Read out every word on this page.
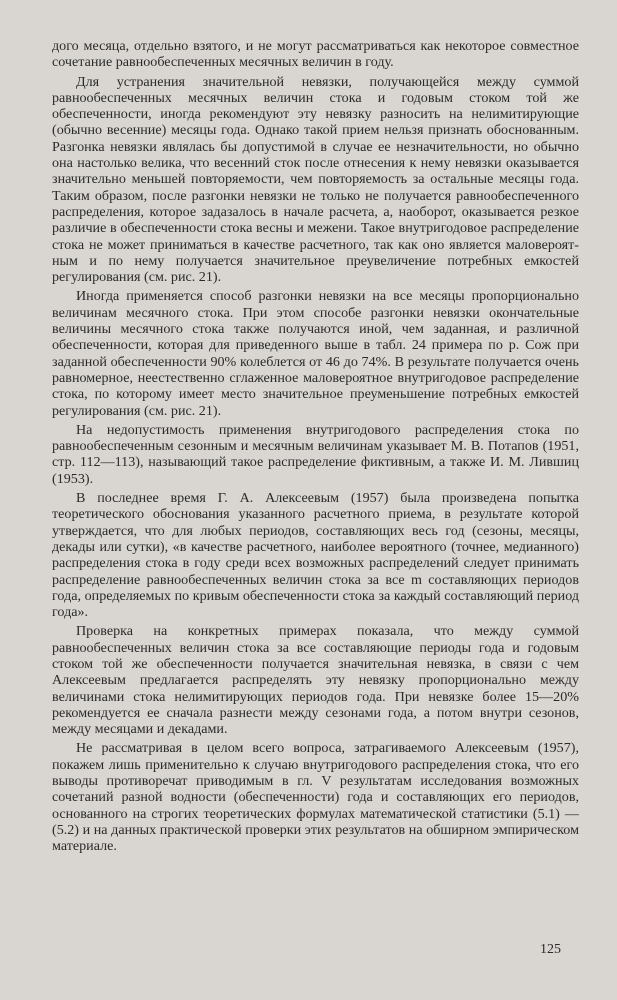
дого месяца, отдельно взятого, и не могут рассматриваться как некоторое совместное сочетание равнообеспеченных месячных величин в году.

Для устранения значительной невязки, получающейся между суммой равнообеспеченных месячных величин стока и годовым стоком той же обеспеченности, иногда рекомендуют эту невязку разносить на нелимитирующие (обычно весенние) месяцы года. Однако такой прием нельзя признать обоснованным. Разгонка невязки являлась бы допустимой в случае ее незначительности, но обычно она настолько велика, что весенний сток после отнесения к нему невязки оказывается значительно меньшей повторяемости, чем повторяемость за остальные месяцы года. Таким образом, после разгонки невязки не только не получается равнообеспеченного распределения, которое задазалось в начале расчета, а, наоборот, оказывается резкое различие в обеспеченности стока весны и межени. Такое внутригодовое распределение стока не может приниматься в качестве расчетного, так как оно является маловероятным и по нему получается значительное преувеличение потребных емкостей регулирования (см. рис. 21).

Иногда применяется способ разгонки невязки на все месяцы пропорционально величинам месячного стока. При этом способе разгонки невязки окончательные величины месячного стока также получаются иной, чем заданная, и различной обеспеченности, которая для приведенного выше в табл. 24 примера по р. Сож при заданной обеспеченности 90% колеблется от 46 до 74%. В результате получается очень равномерное, неестественно сглаженное маловероятное внутригодовое распределение стока, по которому имеет место значительное преуменьшение потребных емкостей регулирования (см. рис. 21).

На недопустимость применения внутригодового распределения стока по равнообеспеченным сезонным и месячным величинам указывает М. В. Потапов (1951, стр. 112—113), называющий такое распределение фиктивным, а также И. М. Лившиц (1953).

В последнее время Г. А. Алексеевым (1957) была произведена попытка теоретического обоснования указанного расчетного приема, в результате которой утверждается, что для любых периодов, составляющих весь год (сезоны, месяцы, декады или сутки), «в качестве расчетного, наиболее вероятного (точнее, медианного) распределения стока в году среди всех возможных распределений следует принимать распределение равнообеспеченных величин стока за все m составляющих периодов года, определяемых по кривым обеспеченности стока за каждый составляющий период года».

Проверка на конкретных примерах показала, что между суммой равнообеспеченных величин стока за все составляющие периоды года и годовым стоком той же обеспеченности получается значительная невязка, в связи с чем Алексеевым предлагается распределять эту невязку пропорционально между величинами стока нелимитирующих периодов года. При невязке более 15—20% рекомендуется ее сначала разнести между сезонами года, а потом внутри сезонов, между месяцами и декадами.

Не рассматривая в целом всего вопроса, затрагиваемого Алексеевым (1957), покажем лишь применительно к случаю внутригодового распределения стока, что его выводы противоречат приводимым в гл. V результатам исследования возможных сочетаний разной водности (обеспеченности) года и составляющих его периодов, основанного на строгих теоретических формулах математической статистики (5.1) — (5.2) и на данных практической проверки этих результатов на обширном эмпирическом материале.

125
